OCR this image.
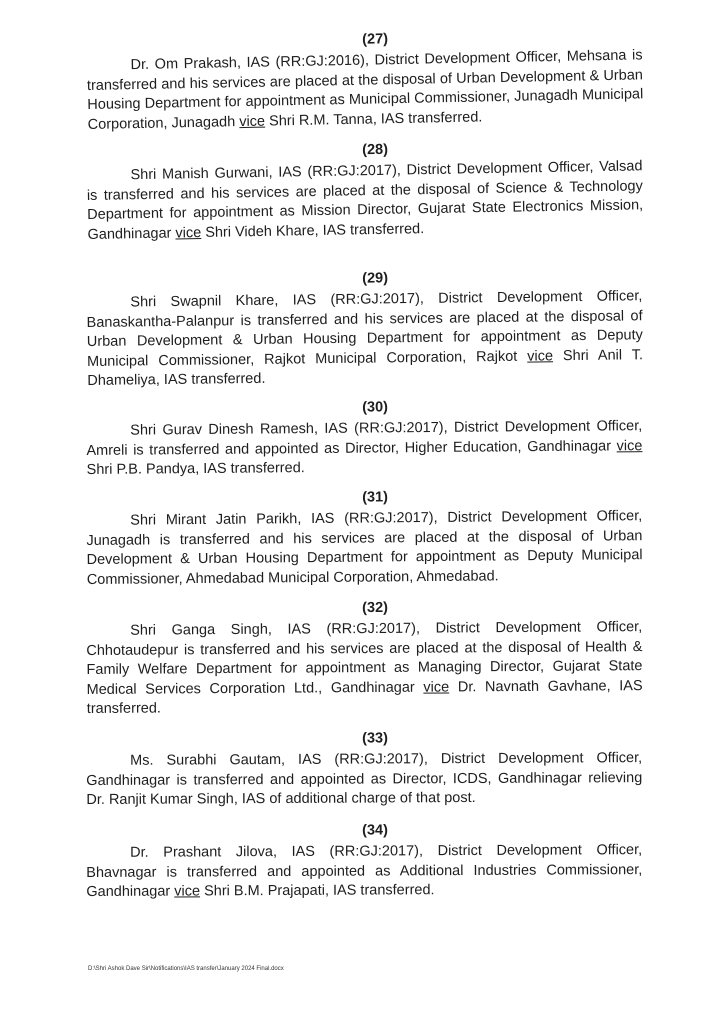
(27)

Dr. Om Prakash, IAS (RR:GJ:2016), District Development Officer, Mehsana is transferred and his services are placed at the disposal of Urban Development & Urban Housing Department for appointment as Municipal Commissioner, Junagadh Municipal Corporation, Junagadh vice Shri R.M. Tanna, IAS transferred.

(28)

Shri Manish Gurwani, IAS (RR:GJ:2017), District Development Officer, Valsad is transferred and his services are placed at the disposal of Science & Technology Department for appointment as Mission Director, Gujarat State Electronics Mission, Gandhinagar vice Shri Videh Khare, IAS transferred.

(29)

Shri Swapnil Khare, IAS (RR:GJ:2017), District Development Officer, Banaskantha-Palanpur is transferred and his services are placed at the disposal of Urban Development & Urban Housing Department for appointment as Deputy Municipal Commissioner, Rajkot Municipal Corporation, Rajkot vice Shri Anil T. Dhameliya, IAS transferred.

(30)

Shri Gurav Dinesh Ramesh, IAS (RR:GJ:2017), District Development Officer, Amreli is transferred and appointed as Director, Higher Education, Gandhinagar vice Shri P.B. Pandya, IAS transferred.

(31)

Shri Mirant Jatin Parikh, IAS (RR:GJ:2017), District Development Officer, Junagadh is transferred and his services are placed at the disposal of Urban Development & Urban Housing Department for appointment as Deputy Municipal Commissioner, Ahmedabad Municipal Corporation, Ahmedabad.

(32)

Shri Ganga Singh, IAS (RR:GJ:2017), District Development Officer, Chhotaudepur is transferred and his services are placed at the disposal of Health & Family Welfare Department for appointment as Managing Director, Gujarat State Medical Services Corporation Ltd., Gandhinagar vice Dr. Navnath Gavhane, IAS transferred.

(33)

Ms. Surabhi Gautam, IAS (RR:GJ:2017), District Development Officer, Gandhinagar is transferred and appointed as Director, ICDS, Gandhinagar relieving Dr. Ranjit Kumar Singh, IAS of additional charge of that post.

(34)

Dr. Prashant Jilova, IAS (RR:GJ:2017), District Development Officer, Bhavnagar is transferred and appointed as Additional Industries Commissioner, Gandhinagar vice Shri B.M. Prajapati, IAS transferred.

D:\Shri Ashok Dave Sir\Notifications\IAS transfer\January 2024 Final.docx
